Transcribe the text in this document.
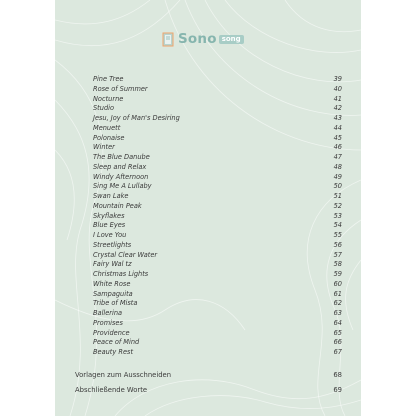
Sono song
Pine Tree	39
Rose of Summer	40
Nocturne	41
Studio	42
Jesu, Joy of Man's Desiring	43
Menuett	44
Polonaise	45
Winter	46
The Blue Danube	47
Sleep and Relax	48
Windy Afternoon	49
Sing Me A Lullaby	50
Swan Lake	51
Mountain Peak	52
Skyflakes	53
Blue Eyes	54
I Love You	55
Streetlights	56
Crystal Clear Water	57
Fairy Wal tz	58
Christmas Lights	59
White Rose	60
Sampaguita	61
Tribe of Mista	62
Ballerina	63
Promises	64
Providence	65
Peace of Mind	66
Beauty Rest	67
Vorlagen zum Ausschneiden	68
Abschließende Worte	69
